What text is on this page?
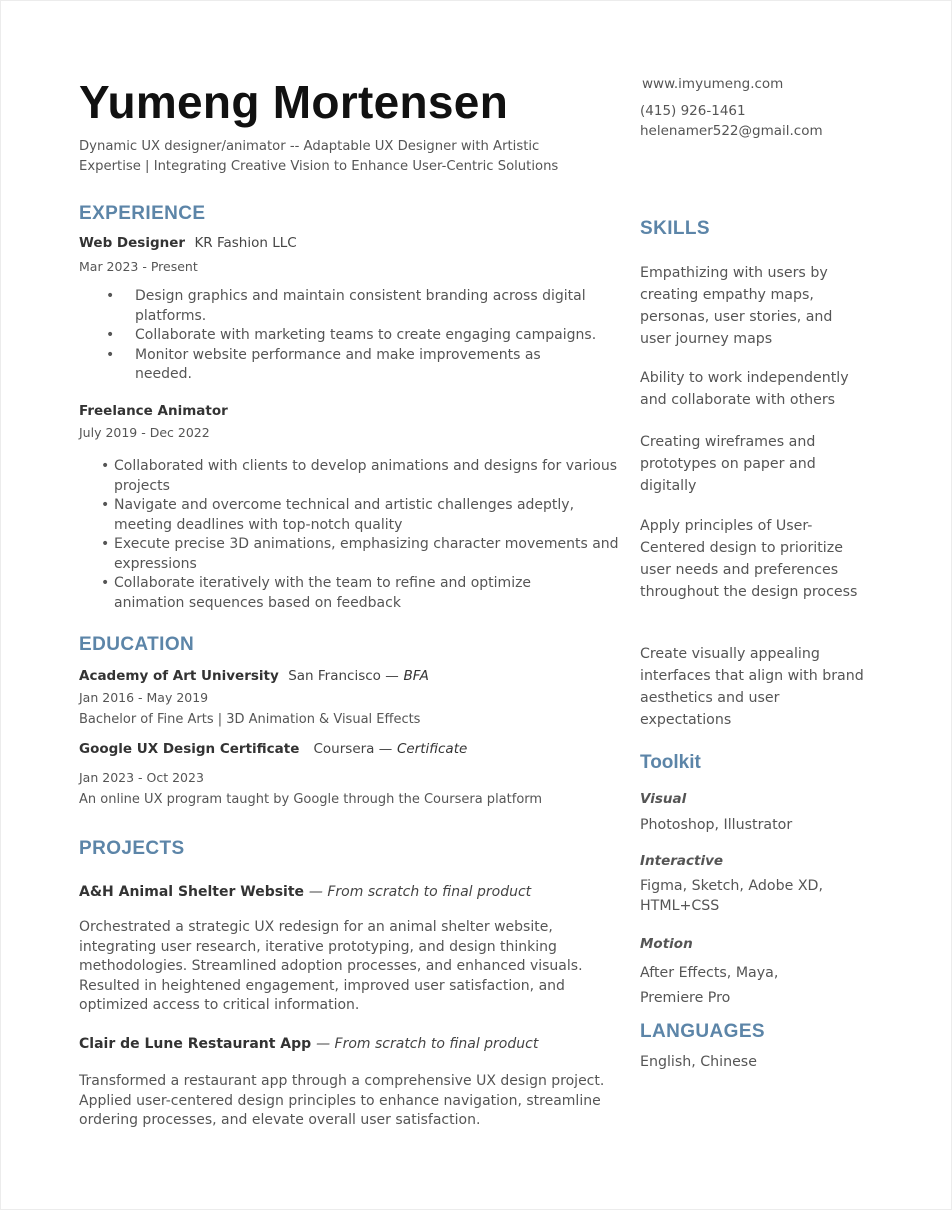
Yumeng Mortensen
Dynamic UX designer/animator -- Adaptable UX Designer with Artistic Expertise | Integrating Creative Vision to Enhance User-Centric Solutions
www.imyumeng.com
(415) 926-1461
helenamer522@gmail.com
EXPERIENCE
Web Designer KR Fashion LLC
Mar 2023 - Present
• Design graphics and maintain consistent branding across digital platforms.
• Collaborate with marketing teams to create engaging campaigns.
• Monitor website performance and make improvements as needed.
Freelance Animator
July 2019 - Dec 2022
• Collaborated with clients to develop animations and designs for various projects
• Navigate and overcome technical and artistic challenges adeptly, meeting deadlines with top-notch quality
• Execute precise 3D animations, emphasizing character movements and expressions
• Collaborate iteratively with the team to refine and optimize animation sequences based on feedback
EDUCATION
Academy of Art University San Francisco — BFA
Jan 2016 - May 2019
Bachelor of Fine Arts | 3D Animation & Visual Effects
Google UX Design Certificate Coursera — Certificate
Jan 2023 - Oct 2023
An online UX program taught by Google through the Coursera platform
PROJECTS
A&H Animal Shelter Website — From scratch to final product
Orchestrated a strategic UX redesign for an animal shelter website, integrating user research, iterative prototyping, and design thinking methodologies. Streamlined adoption processes, and enhanced visuals. Resulted in heightened engagement, improved user satisfaction, and optimized access to critical information.
Clair de Lune Restaurant App — From scratch to final product
Transformed a restaurant app through a comprehensive UX design project. Applied user-centered design principles to enhance navigation, streamline ordering processes, and elevate overall user satisfaction.
SKILLS
Empathizing with users by creating empathy maps, personas, user stories, and user journey maps
Ability to work independently and collaborate with others
Creating wireframes and prototypes on paper and digitally
Apply principles of User-Centered design to prioritize user needs and preferences throughout the design process
Create visually appealing interfaces that align with brand aesthetics and user expectations
Toolkit
Visual
Photoshop, Illustrator
Interactive
Figma, Sketch, Adobe XD, HTML+CSS
Motion
After Effects, Maya, Premiere Pro
LANGUAGES
English, Chinese
